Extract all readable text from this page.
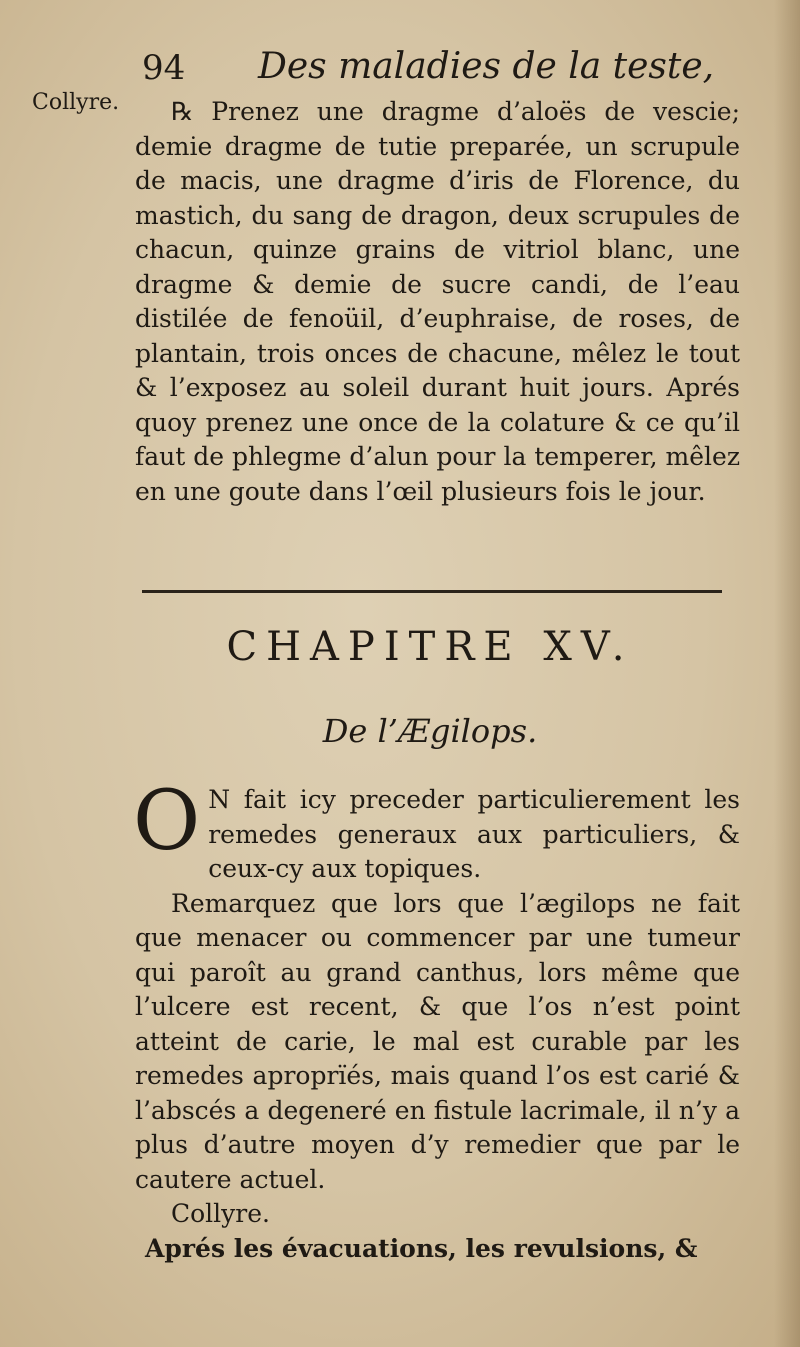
94 Des maladies de la teste,
Collyre.	℞ Prenez une dragme d’aloës de vescie; demie dragme de tutie preparée, un scrupule de macis, une dragme d’iris de Florence, du mastich, du sang de dragon, deux scrupules de chacun, quinze grains de vitriol blanc, une dragme & demie de sucre candi, de l’eau distilée de fenoüil, d’euphraise, de roses, de plantain, trois onces de chacune, mêlez le tout & l’exposez au soleil durant huit jours. Aprés quoy prenez une once de la colature & ce qu’il faut de phlegme d’alun pour la temperer, mêlez en une goute dans l’œil plusieurs fois le jour.

CHAPITRE XV.
De l’Ægilops.

O N fait icy preceder particulierement les remedes generaux aux particuliers, & ceux-cy aux topiques.

Remarquez que lors que l’ægilops ne fait que menacer ou commencer par une tumeur qui paroît au grand canthus, lors même que l’ulcere est recent, & que l’os n’est point atteint de carie, le mal est curable par les remedes aproprïés, mais quand l’os est carié & l’abscés a degeneré en fistule lacrimale, il n’y a plus d’autre moyen d’y remedier que par le cautere actuel.

Collyre.

Aprés les évacuations, les revulsions, &
